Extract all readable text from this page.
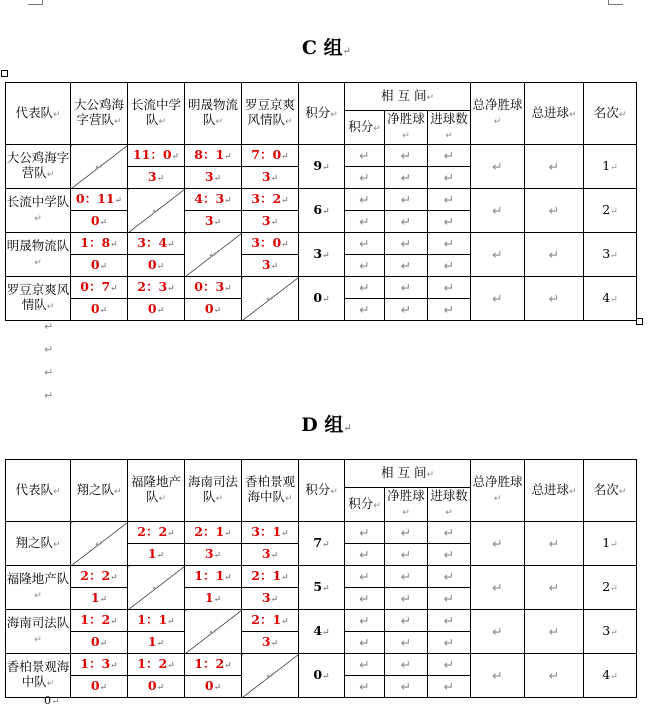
C 组↵
代表队↵	大公鸡海字营队↵	长流中学队↵	明晟物流队↵	罗豆京爽风情队↵	积分↵	相 互 间↵			总净胜球↵	总进球↵	名次↵
						积分↵	净胜球↵	进球数↵			
大公鸡海字营队↵	↵	11：0↵	8：1↵	7：0↵	9↵	↵	↵	↵	↵	↵	1↵
		3↵	3↵	3↵		↵	↵	↵			
长流中学队↵	0：11↵	↵	4：3↵	3：2↵	6↵	↵	↵	↵	↵	↵	2↵
	0↵		3↵	3↵		↵	↵	↵			
明晟物流队↵	1：8↵	3：4↵	↵	3：0↵	3↵	↵	↵	↵	↵	↵	3↵
	0↵	0↵		3↵		↵	↵	↵			
罗豆京爽风情队↵	0：7↵	2：3↵	0：3↵	↵	0↵	↵	↵	↵	↵	↵	4↵
	0↵	0↵	0↵			↵	↵	↵			
↵
↵
↵
↵
D 组↵
代表队↵	翔之队↵	福隆地产队↵	海南司法队↵	香柏景观海中队↵	积分↵	相 互 间↵			总净胜球↵	总进球↵	名次↵
						积分↵	净胜球↵	进球数↵			
翔之队↵	↵	2：2↵	2：1↵	3：1↵	7↵	↵	↵	↵	↵	↵	1↵
		1↵	3↵	3↵		↵	↵	↵			
福隆地产队↵	2：2↵	↵	1：1↵	2：1↵	5↵	↵	↵	↵	↵	↵	2↵
	1↵		1↵	3↵		↵	↵	↵			
海南司法队↵	1：2↵	1：1↵	↵	2：1↵	4↵	↵	↵	↵	↵	↵	3↵
	0↵	1↵		3↵		↵	↵	↵			
香柏景观海中队↵	1：3↵	1：2↵	1：2↵	↵	0↵	↵	↵	↵	↵	↵	4↵
	0↵	0↵	0↵			↵	↵	↵			
0↵
